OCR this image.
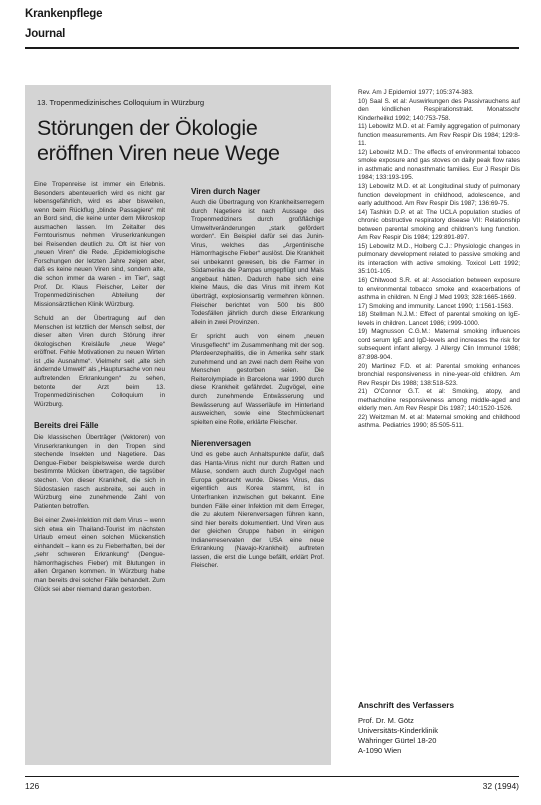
Krankenpflege
Journal
13. Tropenmedizinisches Colloquium in Würzburg
Störungen der Ökologie eröffnen Viren neue Wege

Eine Tropenreise ist immer ein Erlebnis. Besonders abenteuerlich wird es nicht gar lebensgefährlich, wird es aber bisweilen, wenn beim Rückflug „blinde Passagiere“ mit an Bord sind, die keine unter dem Mikroskop ausmachen lassen. Im Zeitalter des Ferntourismus nehmen Viruserkrankungen bei Reisenden deutlich zu. Oft ist hier von „neuen Viren“ die Rede. „Epidemiologische Forschungen der letzten Jahre zeigen aber, daß es keine neuen Viren sind, sondern alte, die schon immer da waren - im Tier“, sagt Prof. Dr. Klaus Fleischer, Leiter der Tropenmedizinischen Abteilung der Missionsärztlichen Klinik Würzburg.

Schuld an der Übertragung auf den Menschen ist letztlich der Mensch selbst, der dieser alten Viren durch Störung ihrer ökologischen Kreisläufe „neue Wege“ eröffnet. Fehle Motivationen zu neuen Wirten ist „die Ausnahme“. Vielmehr seit „alte sich ändernde Umwelt“ als „Hauptursache von neu auftretenden Erkrankungen“ zu sehen, betonte der Arzt beim 13. Tropenmedizinischen Colloquium in Würzburg.

Bereits drei Fälle

Die klassischen Überträger (Vektoren) von Viruserkrankungen in den Tropen sind stechende Insekten und Nagetiere. Das Dengue-Fieber beispielsweise werde durch bestimmte Mücken übertragen, die tagsüber stechen. Von dieser Krankheit, die sich in Südostasien rasch ausbreite, sei auch in Würzburg eine zunehmende Zahl von Patienten betroffen.

Bei einer Zwei-Inlektion mit dem Virus – wenn sich etwa ein Thailand-Tourist im nächsten Urlaub erneut einen solchen Mückenstich einhandelt – kann es zu Fieberhaften, bei der „sehr schweren Erkrankung“ (Dengue-hämorrhagisches Fieber) mit Blutungen in allen Organen kommen. In Würzburg habe man bereits drei solcher Fälle behandelt. Zum Glück sei aber niemand daran gestorben.

Viren durch Nager

Auch die Übertragung von Krankheitserregern durch Nagetiere ist nach Aussage des Tropenmediziners durch großflächige Umweltveränderungen „stark gefördert worden“. Ein Beispiel dafür sei das Junin-Virus, welches das „Argentinische Hämorrhagische Fieber“ auslöst. Die Krankheit sei unbekannt gewesen, bis die Farmer in Südamerika die Pampas umgepflügt und Mais angebaut hätten. Dadurch habe sich eine kleine Maus, die das Virus mit ihrem Kot überträgt, explosionsartig vermehren können. Fleischer berichtet von 500 bis 800 Todesfällen jährlich durch diese Erkrankung allein in zwei Provinzen.

Er spricht auch von einem „neuen Virusgeflecht“ im Zusammenhang mit der sog. Pferdeenzephalitis, die in Amerika sehr stark zunehmend und an zwei nach dem Reihe von Menschen gestorben seien. Die Reiterolympiade in Barcelona war 1990 durch diese Krankheit gefährdet. Zugvögel, eine durch zunehmende Entwässerung und Bewässerung auf Wasserläufe im Hinterland ausweichen, sowie eine Stechmückenart spielten eine Rolle, erklärte Fleischer.

Nierenversagen

Und es gebe auch Anhaltspunkte dafür, daß das Hanta-Virus nicht nur durch Ratten und Mäuse, sondern auch durch Zugvögel nach Europa gebracht wurde. Dieses Virus, das eigentlich aus Korea stammt, ist in Unterfranken inzwischen gut bekannt. Eine bunden Fälle einer Infektion mit dem Erreger, die zu akutem Nierenversagen führen kann, sind hier bereits dokumentiert. Und Viren aus der gleichen Gruppe haben in einigen Indianerreservaten der USA eine neue Erkrankung (Navajo-Krankheit) auftreten lassen, die erst die Lunge befällt, erklärt Prof. Fleischer.

Rev. Am J Epidemiol 1977; 105:374-383.

10) Saal S. et al: Auswirkungen des Passivrauchens auf den kindlichen Respirationstrakt. Monatsschr Kinderheilkd 1992; 140:753-758.

11) Lebowitz M.D. et al: Family aggregation of pulmonary function measurements. Am Rev Respir Dis 1984; 129:8-11.

12) Lebowitz M.D.: The effects of environmental tobacco smoke exposure and gas stoves on daily peak flow rates in asthmatic and nonasthmatic families. Eur J Respir Dis 1984; 133:193-195.

13) Lebowitz M.D. et al: Longitudinal study of pulmonary function development in childhood, adolescence, and early adulthood. Am Rev Respir Dis 1987; 136:69-75.

14) Tashkin D.P. et al: The UCLA population studies of chronic obstructive respiratory disease VII: Relationship between parental smoking and children's lung function. Am Rev Respir Dis 1984; 129:891-897.

15) Lebowitz M.D., Holberg C.J.: Physiologic changes in pulmonary development related to passive smoking and its interaction with active smoking. Toxicol Lett 1992; 35:101-105.

16) Chitwood S.R. et al: Association between exposure to environmental tobacco smoke and exacerbations of asthma in children. N Engl J Med 1993; 328:1665-1669.

17) Smoking and immunity. Lancet 1990; 1:1561-1563.

18) Stellman N.J.M.: Effect of parental smoking on IgE-levels in children. Lancet 1986; i:999-1000.

19) Magnusson C.G.M.: Maternal smoking influences cord serum IgE and IgD-levels and increases the risk for subsequent infant allergy. J Allergy Clin Immunol 1986; 87:898-904.

20) Martinez F.D. et al: Parental smoking enhances bronchial responsiveness in nine-year-old children. Am Rev Respir Dis 1988; 138:518-523.

21) O'Connor G.T. et al: Smoking, atopy, and methacholine responsiveness among middle-aged and elderly men. Am Rev Respir Dis 1987; 140:1520-1526.

22) Weitzman M. et al: Maternal smoking and childhood asthma. Pediatrics 1990; 85:505-511.

Anschrift des Verfassers
Prof. Dr. M. Götz
Universitäts-Kinderklinik
Währinger Gürtel 18-20
A-1090 Wien
126	32 (1994)
